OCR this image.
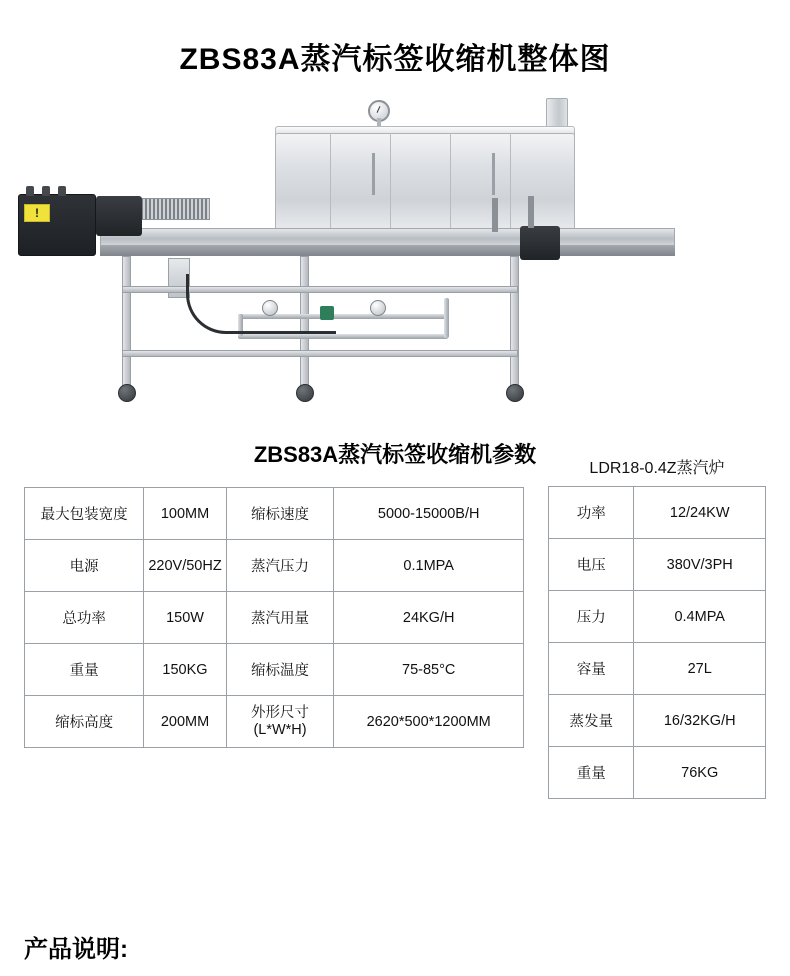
ZBS83A蒸汽标签收缩机整体图
!
ZBS83A蒸汽标签收缩机参数
最大包装宽度	100MM	缩标速度	5000-15000B/H
电源	220V/50HZ	蒸汽压力	0.1MPA
总功率	150W	蒸汽用量	24KG/H
重量	150KG	缩标温度	75-85°C
缩标高度	200MM	外形尺寸
(L*W*H)	2620*500*1200MM
LDR18-0.4Z蒸汽炉
功率	12/24KW
电压	380V/3PH
压力	0.4MPA
容量	27L
蒸发量	16/32KG/H
重量	76KG
产品说明:
